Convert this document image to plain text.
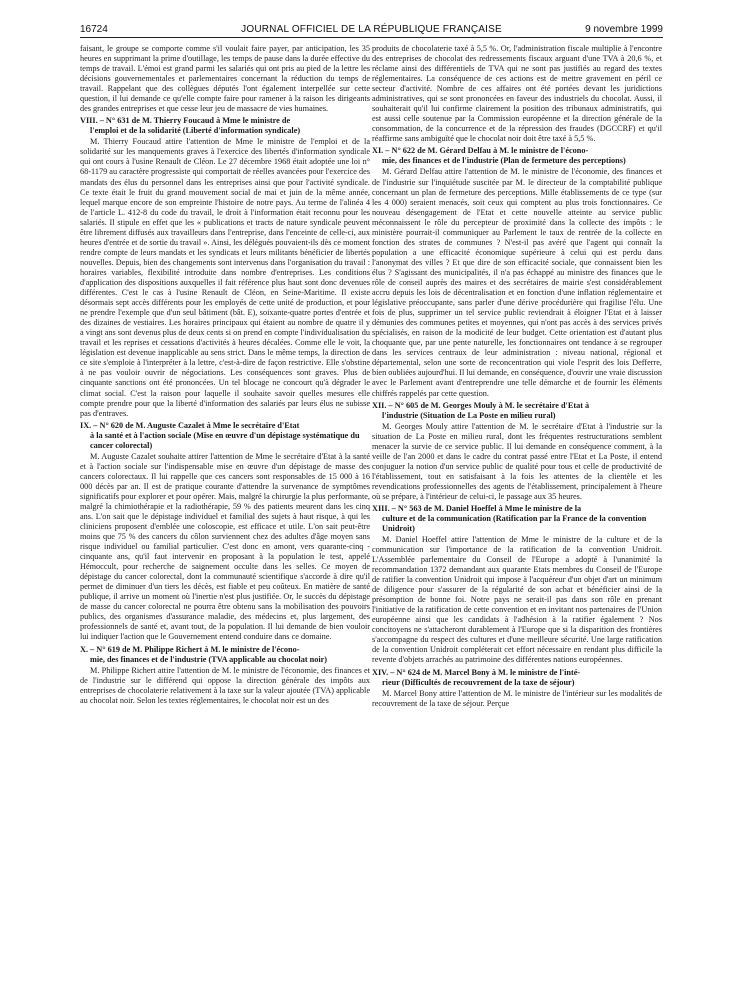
16724	JOURNAL OFFICIEL DE LA RÉPUBLIQUE FRANÇAISE	9 novembre 1999

faisant, le groupe se comporte comme s'il voulait faire payer, par anticipation, les 35 heures en supprimant la prime d'outillage, les temps de pause dans la durée effective du temps de travail. L'émoi est grand parmi les salariés qui ont pris au pied de la lettre les décisions gouvernementales et parlementaires concernant la réduction du temps de travail. Rappelant que des collègues députés l'ont également interpellée sur cette question, il lui demande ce qu'elle compte faire pour ramener à la raison les dirigeants des grandes entreprises et que cesse leur jeu de massacre de vies humaines.

VIII. – N° 631 de M. Thierry Foucaud à Mme le ministre de
l'emploi et de la solidarité (Liberté d'information syndicale)

M. Thierry Foucaud attire l'attention de Mme le ministre de l'emploi et de la solidarité sur les manquements graves à l'exercice des libertés d'information syndicale qui ont cours à l'usine Renault de Cléon. Le 27 décembre 1968 était adoptée une loi n° 68-1179 au caractère progressiste qui comportait de réelles avancées pour l'exercice des mandats des élus du personnel dans les entreprises ainsi que pour l'activité syndicale. Ce texte était le fruit du grand mouvement social de mai et juin de la même année, lequel marque encore de son empreinte l'histoire de notre pays. Au terme de l'alinéa 4 de l'article L. 412-8 du code du travail, le droit à l'information était reconnu pour les salariés. Il stipule en effet que les « publications et tracts de nature syndicale peuvent être librement diffusés aux travailleurs dans l'entreprise, dans l'enceinte de celle-ci, aux heures d'entrée et de sortie du travail ». Ainsi, les délégués pouvaient-ils dès ce moment rendre compte de leurs mandats et les syndicats et leurs militants bénéficier de libertés nouvelles. Depuis, bien des changements sont intervenus dans l'organisation du travail : horaires variables, flexibilité introduite dans nombre d'entreprises. Les conditions d'application des dispositions auxquelles il fait référence plus haut sont donc devenues différentes. C'est le cas à l'usine Renault de Cléon, en Seine-Maritime. Il existe désormais sept accès différents pour les employés de cette unité de production, et pour ne prendre l'exemple que d'un seul bâtiment (bât. E), soixante-quatre portes d'entrée et des dizaines de vestiaires. Les horaires principaux qui étaient au nombre de quatre il y a vingt ans sont devenus plus de deux cents si on prend en compte l'individualisation du travail et les reprises et cessations d'activités à heures décalées. Comme elle le voit, la législation est devenue inapplicable au sens strict. Dans le même temps, la direction de ce site s'emploie à l'interpréter à la lettre, c'est-à-dire de façon restrictive. Elle s'obstine à ne pas vouloir ouvrir de négociations. Les conséquences sont graves. Plus de cinquante sanctions ont été prononcées. Un tel blocage ne concourt qu'à dégrader le climat social. C'est la raison pour laquelle il souhaite savoir quelles mesures elle compte prendre pour que la liberté d'information des salariés par leurs élus ne subisse pas d'entraves.

IX. – N° 620 de M. Auguste Cazalet à Mme le secrétaire d'Etat
à la santé et à l'action sociale (Mise en œuvre d'un dépistage systématique du cancer colorectal)

M. Auguste Cazalet souhaite attirer l'attention de Mme le secrétaire d'Etat à la santé et à l'action sociale sur l'indispensable mise en œuvre d'un dépistage de masse des cancers colorectaux. Il lui rappelle que ces cancers sont responsables de 15 000 à 16 000 décès par an. Il est de pratique courante d'attendre la survenance de symptômes significatifs pour explorer et pour opérer. Mais, malgré la chirurgie la plus performante, malgré la chimiothérapie et la radiothérapie, 59 % des patients meurent dans les cinq ans. L'on sait que le dépistage individuel et familial des sujets à haut risque, à qui les cliniciens proposent d'emblée une coloscopie, est efficace et utile. L'on sait peut-être moins que 75 % des cancers du côlon surviennent chez des adultes d'âge moyen sans risque individuel ou familial particulier. C'est donc en amont, vers quarante-cinq - cinquante ans, qu'il faut intervenir en proposant à la population le test, appelé Hémoccult, pour recherche de saignement occulte dans les selles. Ce moyen de dépistage du cancer colorectal, dont la communauté scientifique s'accorde à dire qu'il permet de diminuer d'un tiers les décès, est fiable et peu coûteux. En matière de santé publique, il arrive un moment où l'inertie n'est plus justifiée. Or, le succès du dépistage de masse du cancer colorectal ne pourra être obtenu sans la mobilisation des pouvoirs publics, des organismes d'assurance maladie, des médecins et, plus largement, des professionnels de santé et, avant tout, de la population. Il lui demande de bien vouloir lui indiquer l'action que le Gouvernement entend conduire dans ce domaine.

X. – N° 619 de M. Philippe Richert à M. le ministre de l'écono-
mie, des finances et de l'industrie (TVA applicable au chocolat noir)

M. Philippe Richert attire l'attention de M. le ministre de l'économie, des finances et de l'industrie sur le différend qui oppose la direction générale des impôts aux entreprises de chocolaterie relativement à la taxe sur la valeur ajoutée (TVA) applicable au chocolat noir. Selon les textes réglementaires, le chocolat noir est un des

produits de chocolaterie taxé à 5,5 %. Or, l'administration fiscale multiplie à l'encontre des entreprises de chocolat des redressements fiscaux arguant d'une TVA à 20,6 %, et réclame ainsi des différentiels de TVA qui ne sont pas justifiés au regard des textes réglementaires. La conséquence de ces actions est de mettre gravement en péril ce secteur d'activité. Nombre de ces affaires ont été portées devant les juridictions administratives, qui se sont prononcées en faveur des industriels du chocolat. Aussi, il souhaiterait qu'il lui confirme clairement la position des tribunaux administratifs, qui est aussi celle soutenue par la Commission européenne et la direction générale de la consommation, de la concurrence et de la répression des fraudes (DGCCRF) et qu'il réaffirme sans ambiguïté que le chocolat noir doit être taxé à 5,5 %.

XI. – N° 622 de M. Gérard Delfau à M. le ministre de l'écono-
mie, des finances et de l'industrie (Plan de fermeture des perceptions)

M. Gérard Delfau attire l'attention de M. le ministre de l'économie, des finances et de l'industrie sur l'inquiétude suscitée par M. le directeur de la comptabilité publique concernant un plan de fermeture des perceptions. Mille établissements de ce type (sur les 4 000) seraient menacés, soit ceux qui comptent au plus trois fonctionnaires. Ce nouveau désengagement de l'Etat et cette nouvelle atteinte au service public méconnaissent le rôle du percepteur de proximité dans la collecte des impôts : le ministère pourrait-il communiquer au Parlement le taux de rentrée de la collecte en fonction des strates de communes ? N'est-il pas avéré que l'agent qui connaît la population a une efficacité économique supérieure à celui qui est perdu dans l'anonymat des villes ? Et que dire de son efficacité sociale, que connaissent bien les élus ? S'agissant des municipalités, il n'a pas échappé au ministre des finances que le rôle de conseil auprès des maires et des secrétaires de mairie s'est considérablement accru depuis les lois de décentralisation et en fonction d'une inflation réglementaire et législative préoccupante, sans parler d'une dérive procédurière qui fragilise l'élu. Une fois de plus, supprimer un tel service public reviendrait à éloigner l'Etat et à laisser démunies des communes petites et moyennes, qui n'ont pas accès à des services privés spécialisés, en raison de la modicité de leur budget. Cette orientation est d'autant plus choquante que, par une pente naturelle, les fonctionnaires ont tendance à se regrouper dans les services centraux de leur administration : niveau national, régional et départemental, selon une sorte de reconcentration qui viole l'esprit des lois Defferre, bien oubliées aujourd'hui. Il lui demande, en conséquence, d'ouvrir une vraie discussion avec le Parlement avant d'entreprendre une telle démarche et de fournir les éléments chiffrés rappelés par cette question.

XII. – N° 605 de M. Georges Mouly à M. le secrétaire d'Etat à
l'industrie (Situation de La Poste en milieu rural)

M. Georges Mouly attire l'attention de M. le secrétaire d'Etat à l'industrie sur la situation de La Poste en milieu rural, dont les fréquentes restructurations semblent menacer la survie de ce service public. Il lui demande en conséquence comment, à la veille de l'an 2000 et dans le cadre du contrat passé entre l'Etat et La Poste, il entend conjuguer la notion d'un service public de qualité pour tous et celle de productivité de l'établissement, tout en satisfaisant à la fois les attentes de la clientèle et les revendications professionnelles des agents de l'établissement, principalement à l'heure où se prépare, à l'intérieur de celui-ci, le passage aux 35 heures.

XIII. – N° 563 de M. Daniel Hoeffel à Mme le ministre de la
culture et de la communication (Ratification par la France de la convention Unidroit)

M. Daniel Hoeffel attire l'attention de Mme le ministre de la culture et de la communication sur l'importance de la ratification de la convention Unidroit. L'Assemblée parlementaire du Conseil de l'Europe a adopté à l'unanimité la recommandation 1372 demandant aux quarante Etats membres du Conseil de l'Europe de ratifier la convention Unidroit qui impose à l'acquéreur d'un objet d'art un minimum de diligence pour s'assurer de la régularité de son achat et bénéficier ainsi de la présomption de bonne foi. Notre pays ne serait-il pas dans son rôle en prenant l'initiative de la ratification de cette convention et en invitant nos partenaires de l'Union européenne ainsi que les candidats à l'adhésion à la ratifier également ? Nos concitoyens ne s'attacheront durablement à l'Europe que si la disparition des frontières s'accompagne du respect des cultures et d'une meilleure sécurité. Une large ratification de la convention Unidroit compléterait cet effort nécessaire en rendant plus difficile la revente d'objets arrachés au patrimoine des différentes nations européennes.

XIV. – N° 624 de M. Marcel Bony à M. le ministre de l'inté-
rieur (Difficultés de recouvrement de la taxe de séjour)

M. Marcel Bony attire l'attention de M. le ministre de l'intérieur sur les modalités de recouvrement de la taxe de séjour. Perçue
